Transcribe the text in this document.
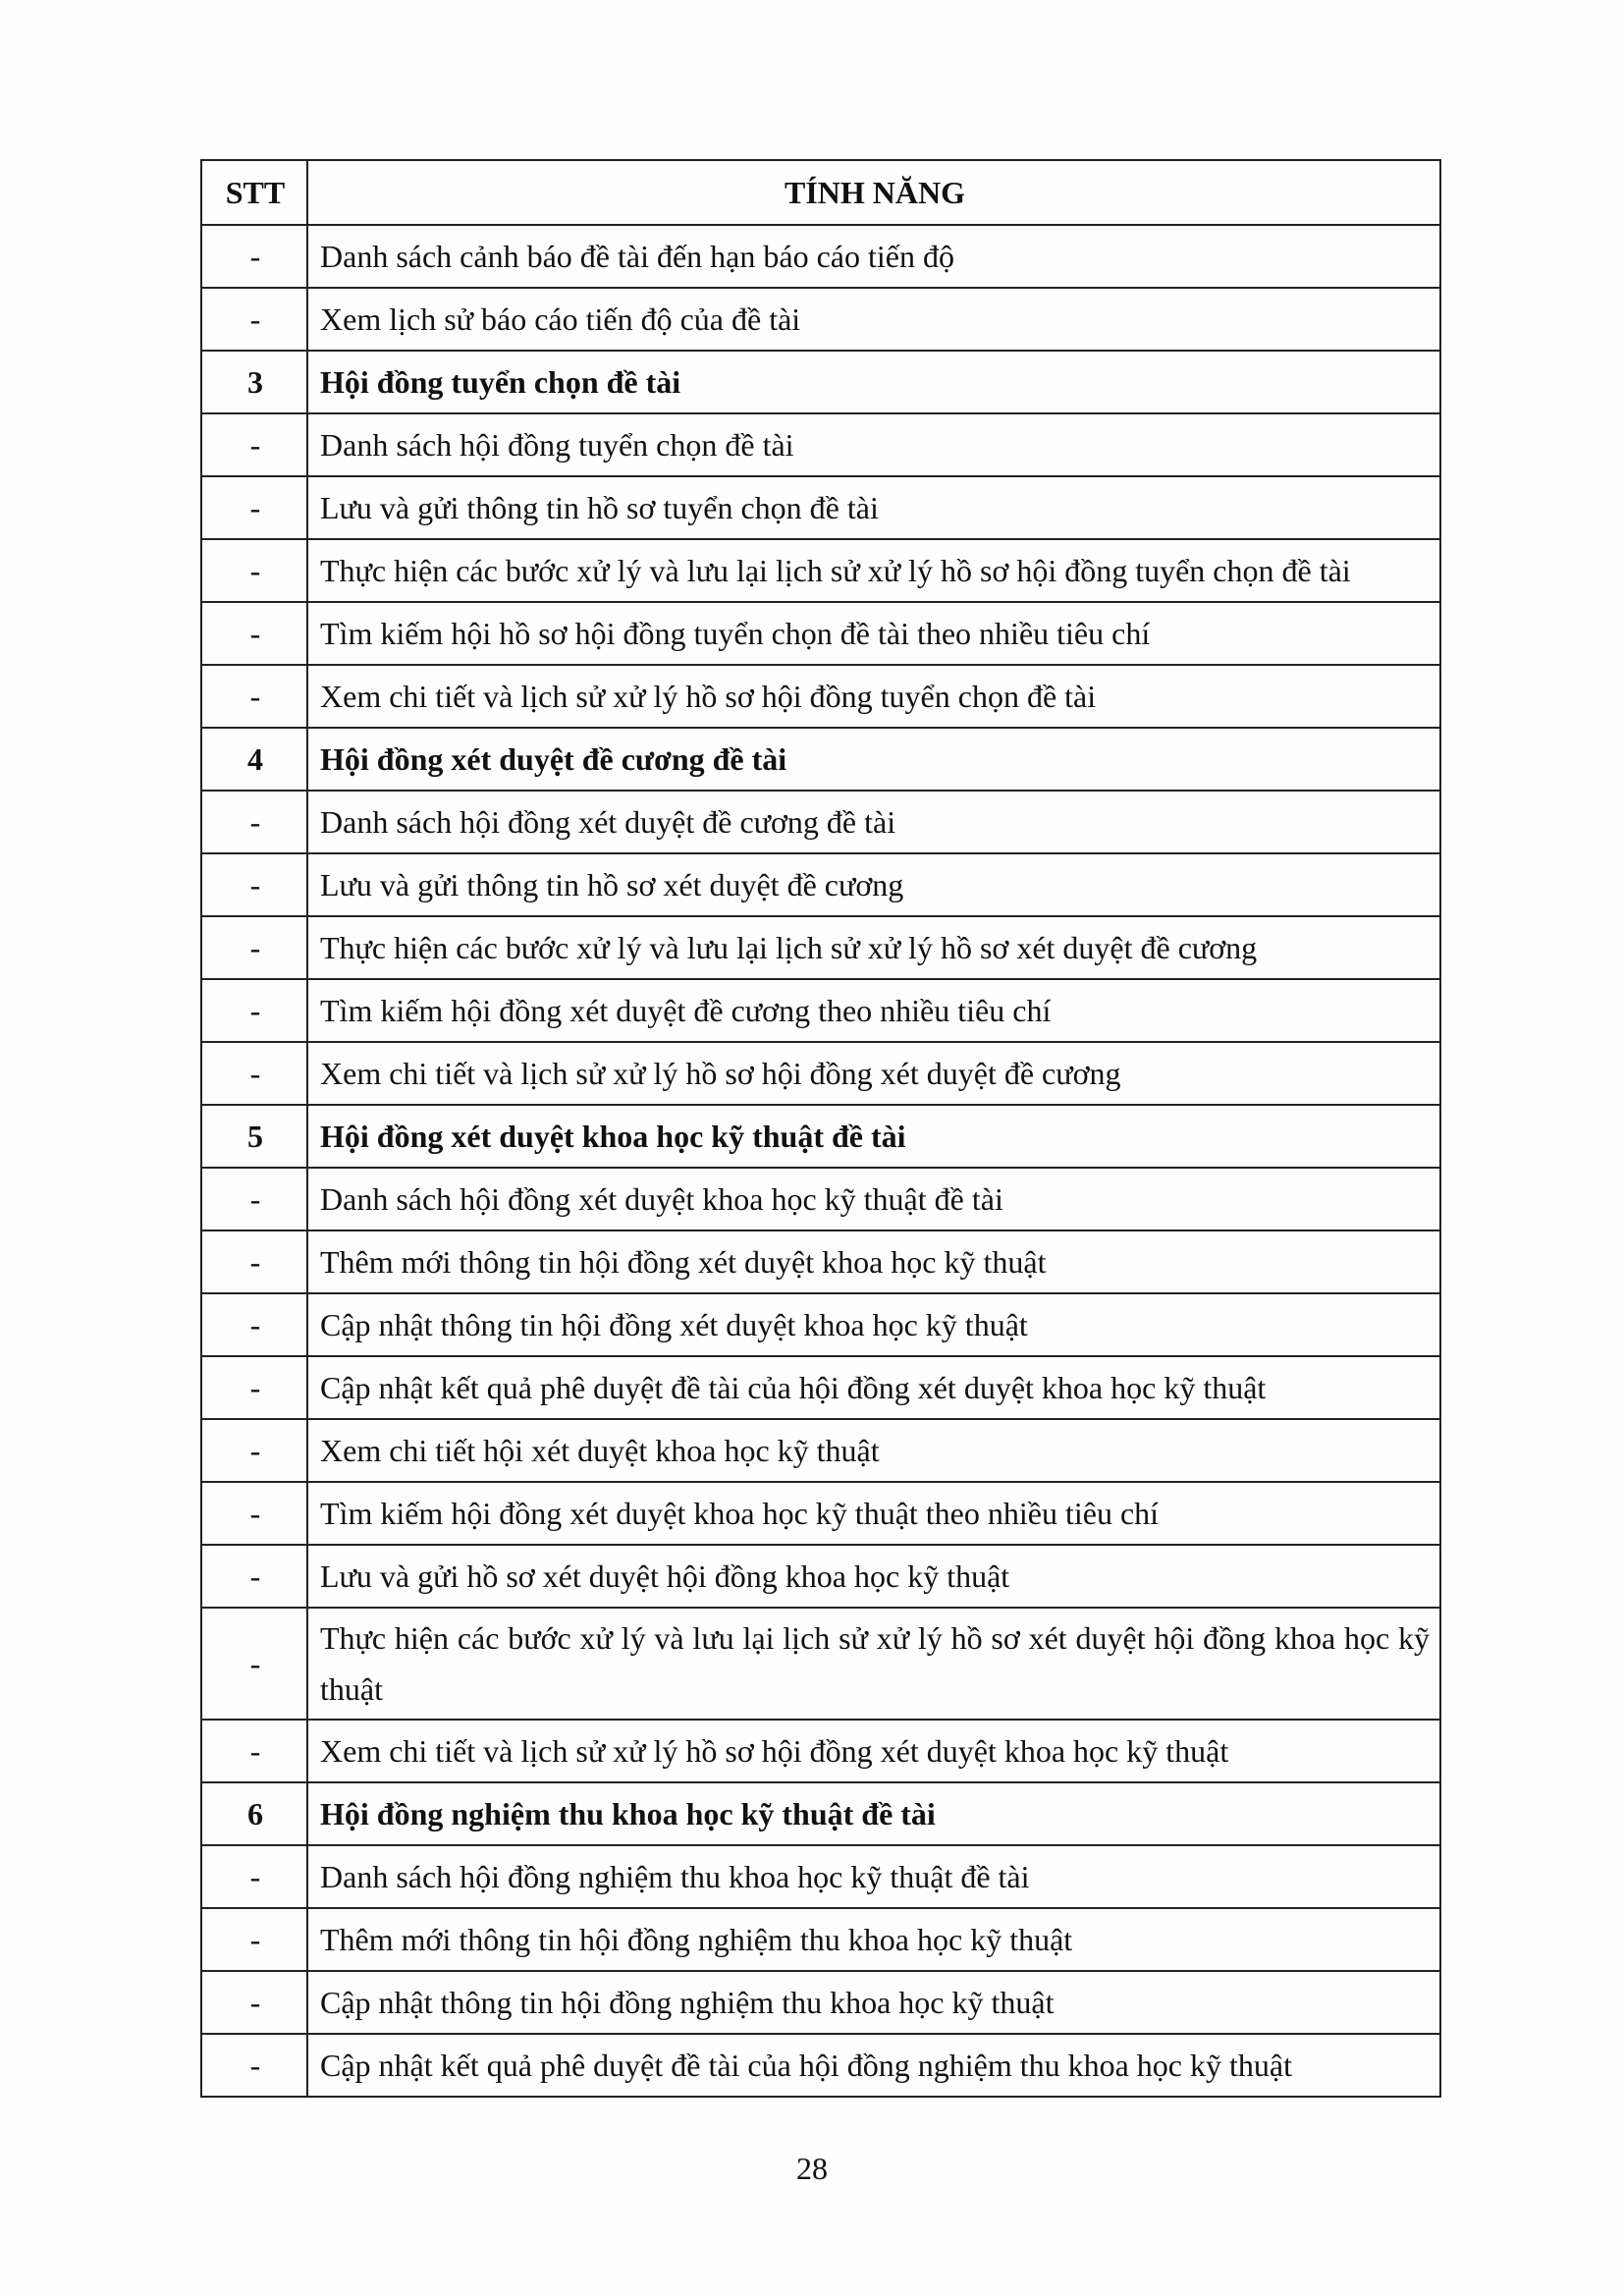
STT	TÍNH NĂNG
-	Danh sách cảnh báo đề tài đến hạn báo cáo tiến độ
-	Xem lịch sử báo cáo tiến độ của đề tài
3	Hội đồng tuyển chọn đề tài
-	Danh sách hội đồng tuyển chọn đề tài
-	Lưu và gửi thông tin hồ sơ tuyển chọn đề tài
-	Thực hiện các bước xử lý và lưu lại lịch sử xử lý hồ sơ hội đồng tuyển chọn đề tài
-	Tìm kiếm hội hồ sơ hội đồng tuyển chọn đề tài theo nhiều tiêu chí
-	Xem chi tiết và lịch sử xử lý hồ sơ hội đồng tuyển chọn đề tài
4	Hội đồng xét duyệt đề cương đề tài
-	Danh sách hội đồng xét duyệt đề cương đề tài
-	Lưu và gửi thông tin hồ sơ xét duyệt đề cương
-	Thực hiện các bước xử lý và lưu lại lịch sử xử lý hồ sơ xét duyệt đề cương
-	Tìm kiếm hội đồng xét duyệt đề cương theo nhiều tiêu chí
-	Xem chi tiết và lịch sử xử lý hồ sơ hội đồng xét duyệt đề cương
5	Hội đồng xét duyệt khoa học kỹ thuật đề tài
-	Danh sách hội đồng xét duyệt khoa học kỹ thuật đề tài
-	Thêm mới thông tin hội đồng xét duyệt khoa học kỹ thuật
-	Cập nhật thông tin hội đồng xét duyệt khoa học kỹ thuật
-	Cập nhật kết quả phê duyệt đề tài của hội đồng xét duyệt khoa học kỹ thuật
-	Xem chi tiết hội xét duyệt khoa học kỹ thuật
-	Tìm kiếm hội đồng xét duyệt khoa học kỹ thuật theo nhiều tiêu chí
-	Lưu và gửi hồ sơ xét duyệt hội đồng khoa học kỹ thuật
-	Thực hiện các bước xử lý và lưu lại lịch sử xử lý hồ sơ xét duyệt hội đồng khoa học kỹ thuật
-	Xem chi tiết và lịch sử xử lý hồ sơ hội đồng xét duyệt khoa học kỹ thuật
6	Hội đồng nghiệm thu khoa học kỹ thuật đề tài
-	Danh sách hội đồng nghiệm thu khoa học kỹ thuật đề tài
-	Thêm mới thông tin hội đồng nghiệm thu khoa học kỹ thuật
-	Cập nhật thông tin hội đồng nghiệm thu khoa học kỹ thuật
-	Cập nhật kết quả phê duyệt đề tài của hội đồng nghiệm thu khoa học kỹ thuật
28
